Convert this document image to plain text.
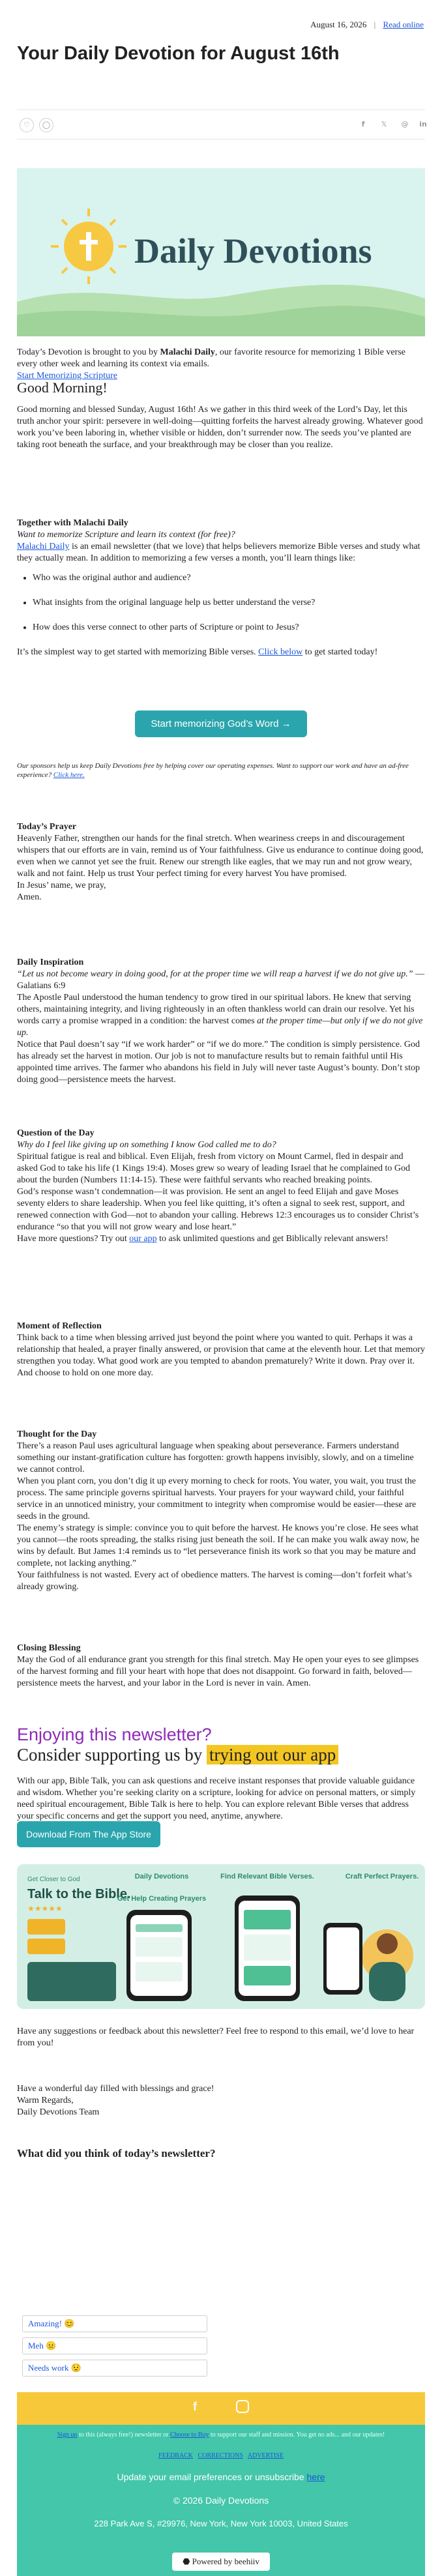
August 16, 2026 | Read online
Your Daily Devotion for August 16th
♡	◯	f	𝕏	@	in
Daily Devotions
Today’s Devotion is brought to you by Malachi Daily, our favorite resource for memorizing 1 Bible verse every other week and learning its context via emails.
Start Memorizing Scripture
Good Morning!

Good morning and blessed Sunday, August 16th! As we gather in this third week of the Lord’s Day, let this truth anchor your spirit: persevere in well-doing—quitting forfeits the harvest already growing. Whatever good work you’ve been laboring in, whether visible or hidden, don’t surrender now. The seeds you’ve planted are taking root beneath the surface, and your breakthrough may be closer than you realize.

Together with Malachi Daily

Want to memorize Scripture and learn its context (for free)?
Malachi Daily is an email newsletter (that we love) that helps believers memorize Bible verses and study what they actually mean. In addition to memorizing a few verses a month, you’ll learn things like:
• Who was the original author and audience?
• What insights from the original language help us better understand the verse?
• How does this verse connect to other parts of Scripture or point to Jesus?
It’s the simplest way to get started with memorizing Bible verses. Click below to get started today!
Start memorizing God’s Word →
Our sponsors help us keep Daily Devotions free by helping cover our operating expenses. Want to support our work and have an ad-free experience? Click here.

Today’s Prayer

Heavenly Father, strengthen our hands for the final stretch. When weariness creeps in and discouragement whispers that our efforts are in vain, remind us of Your faithfulness. Give us endurance to continue doing good, even when we cannot yet see the fruit. Renew our strength like eagles, that we may run and not grow weary, walk and not faint. Help us trust Your perfect timing for every harvest You have promised.
In Jesus’ name, we pray,
Amen.

Daily Inspiration

“Let us not become weary in doing good, for at the proper time we will reap a harvest if we do not give up.” — Galatians 6:9
The Apostle Paul understood the human tendency to grow tired in our spiritual labors. He knew that serving others, maintaining integrity, and living righteously in an often thankless world can drain our resolve. Yet his words carry a promise wrapped in a condition: the harvest comes at the proper time—but only if we do not give up.
Notice that Paul doesn’t say “if we work harder” or “if we do more.” The condition is simply persistence. God has already set the harvest in motion. Our job is not to manufacture results but to remain faithful until His appointed time arrives. The farmer who abandons his field in July will never taste August’s bounty. Don’t stop doing good—persistence meets the harvest.

Question of the Day

Why do I feel like giving up on something I know God called me to do?
Spiritual fatigue is real and biblical. Even Elijah, fresh from victory on Mount Carmel, fled in despair and asked God to take his life (1 Kings 19:4). Moses grew so weary of leading Israel that he complained to God about the burden (Numbers 11:14-15). These were faithful servants who reached breaking points.
God’s response wasn’t condemnation—it was provision. He sent an angel to feed Elijah and gave Moses seventy elders to share leadership. When you feel like quitting, it’s often a signal to seek rest, support, and renewed connection with God—not to abandon your calling. Hebrews 12:3 encourages us to consider Christ’s endurance “so that you will not grow weary and lose heart.”
Have more questions? Try out our app to ask unlimited questions and get Biblically relevant answers!

Moment of Reflection

Think back to a time when blessing arrived just beyond the point where you wanted to quit. Perhaps it was a relationship that healed, a prayer finally answered, or provision that came at the eleventh hour. Let that memory strengthen you today. What good work are you tempted to abandon prematurely? Write it down. Pray over it. And choose to hold on one more day.

Thought for the Day

There’s a reason Paul uses agricultural language when speaking about perseverance. Farmers understand something our instant-gratification culture has forgotten: growth happens invisibly, slowly, and on a timeline we cannot control.
When you plant corn, you don’t dig it up every morning to check for roots. You water, you wait, you trust the process. The same principle governs spiritual harvests. Your prayers for your wayward child, your faithful service in an unnoticed ministry, your commitment to integrity when compromise would be easier—these are seeds in the ground.
The enemy’s strategy is simple: convince you to quit before the harvest. He knows you’re close. He sees what you cannot—the roots spreading, the stalks rising just beneath the soil. If he can make you walk away now, he wins by default. But James 1:4 reminds us to “let perseverance finish its work so that you may be mature and complete, not lacking anything.”
Your faithfulness is not wasted. Every act of obedience matters. The harvest is coming—don’t forfeit what’s already growing.

Closing Blessing

May the God of all endurance grant you strength for this final stretch. May He open your eyes to see glimpses of the harvest forming and fill your heart with hope that does not disappoint. Go forward in faith, beloved—persistence meets the harvest, and your labor in the Lord is never in vain. Amen.
Enjoying this newsletter?
Consider supporting us by trying out our app

With our app, Bible Talk, you can ask questions and receive instant responses that provide valuable guidance and wisdom. Whether you’re seeking clarity on a scripture, looking for advice on personal matters, or simply need spiritual encouragement, Bible Talk is here to help. You can explore relevant Bible verses that address your specific concerns and get the support you need, anytime, anywhere.

Download From The App Store
Get Closer to God
Talk to the Bible.
★★★★★
Daily Devotions
Get Help Creating Prayers
Find Relevant Bible Verses.	Craft Perfect Prayers.
Have any suggestions or feedback about this newsletter? Feel free to respond to this email, we’d love to hear from you!
Have a wonderful day filled with blessings and grace!
Warm Regards,
Daily Devotions Team

What did you think of today’s newsletter?

Amazing! 😊
Meh 😐
Needs work 😟
f
Sign up to this (always free!) newsletter or Choose to Buy to support our staff and mission. You get no ads... and our updates!
FEEDBACK CORRECTIONS ADVERTISE
Update your email preferences or unsubscribe here
© 2026 Daily Devotions
228 Park Ave S, #29976, New York, New York 10003, United States
⬣ Powered by beehiiv
